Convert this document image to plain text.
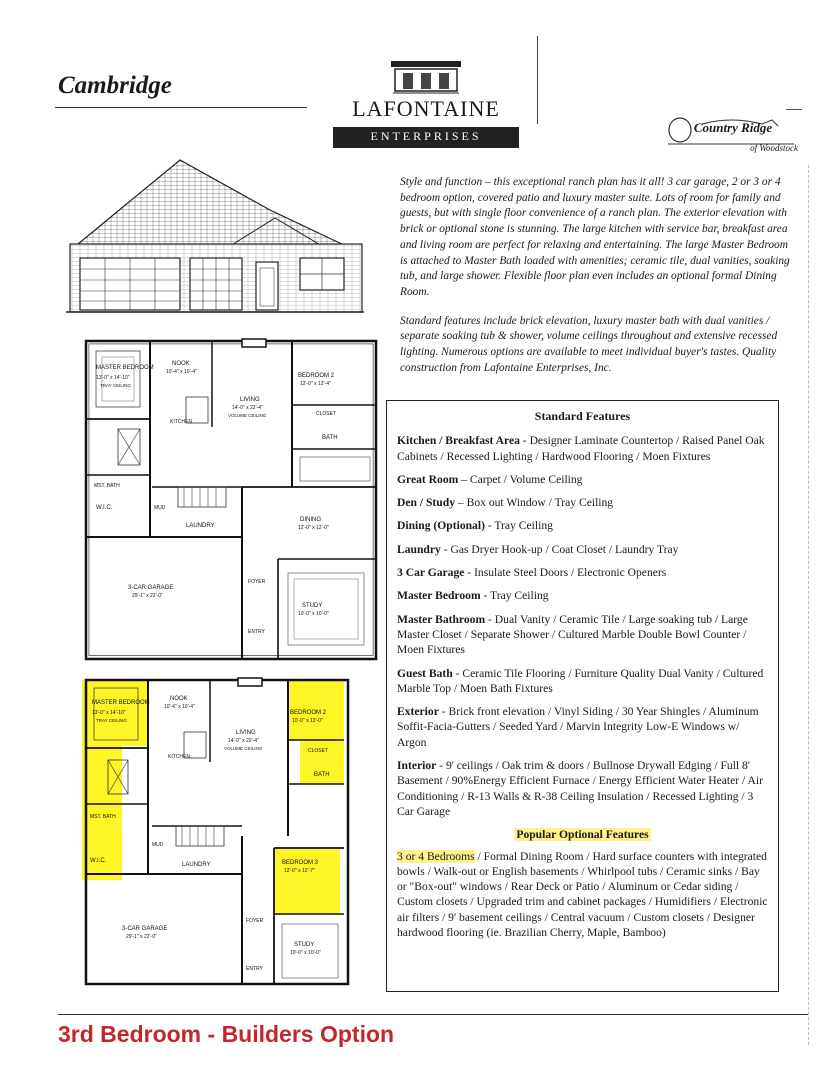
Cambridge
LAFONTAINE
ENTERPRISES
Country Ridge
of Woodstock

Style and function – this exceptional ranch plan has it all! 3 car garage, 2 or 3 or 4 bedroom option, covered patio and luxury master suite. Lots of room for family and guests, but with single floor convenience of a ranch plan. The exterior elevation with brick or optional stone is stunning. The large kitchen with service bar, breakfast area and living room are perfect for relaxing and entertaining. The large Master Bedroom is attached to Master Bath loaded with amenities; ceramic tile, dual vanities, soaking tub, and large shower. Flexible floor plan even includes an optional formal Dining Room.

Standard features include brick elevation, luxury master bath with dual vanities / separate soaking tub & shower, volume ceilings throughout and extensive recessed lighting. Numerous options are available to meet individual buyer's tastes. Quality construction from Lafontaine Enterprises, Inc.

MASTER BEDROOM
13'-0" x 14'-10"
TRAY CEILING
NOOK
10'-4" x 10'-4"
LIVING
14'-0" x 22'-4"
VOLUME CEILING
BEDROOM 2
12'-0" x 12'-4"
CLOSET
BATH
KITCHEN
MST. BATH
W.I.C.	MUD
LAUNDRY
DINING
12'-0" x 12'-0"
3-CAR GARAGE
29'-1" x 22'-0"
FOYER
STUDY
10'-0" x 10'-0"
ENTRY
MASTER BEDROOM
13'-0" x 14'-10"
TRAY CEILING
NOOK
10'-4" x 10'-4"
LIVING
14'-0" x 22'-4"
VOLUME CEILING
BEDROOM 2
10'-0" x 12'-0"
CLOSET
BATH
KITCHEN
MST. BATH
W.I.C.
MUD
LAUNDRY	BEDROOM 3
12'-0" x 12'-7"
3-CAR GARAGE
29'-1" x 22'-0"
FOYER
STUDY
10'-0" x 10'-0"
ENTRY
Standard Features
Kitchen / Breakfast Area - Designer Laminate Countertop / Raised Panel Oak Cabinets / Recessed Lighting / Hardwood Flooring / Moen Fixtures
Great Room – Carpet / Volume Ceiling
Den / Study – Box out Window / Tray Ceiling
Dining (Optional) - Tray Ceiling
Laundry - Gas Dryer Hook-up / Coat Closet / Laundry Tray
3 Car Garage - Insulate Steel Doors / Electronic Openers
Master Bedroom - Tray Ceiling
Master Bathroom - Dual Vanity / Ceramic Tile / Large soaking tub / Large Master Closet / Separate Shower / Cultured Marble Double Bowl Counter / Moen Fixtures
Guest Bath - Ceramic Tile Flooring / Furniture Quality Dual Vanity / Cultured Marble Top / Moen Bath Fixtures
Exterior - Brick front elevation / Vinyl Siding / 30 Year Shingles / Aluminum Soffit-Facia-Gutters / Seeded Yard / Marvin Integrity Low-E Windows w/ Argon
Interior - 9' ceilings / Oak trim & doors / Bullnose Drywall Edging / Full 8' Basement / 90%Energy Efficient Furnace / Energy Efficient Water Heater / Air Conditioning / R-13 Walls & R-38 Ceiling Insulation / Recessed Lighting / 3 Car Garage
Popular Optional Features
3 or 4 Bedrooms / Formal Dining Room / Hard surface counters with integrated bowls / Walk-out or English basements / Whirlpool tubs / Ceramic sinks / Bay or "Box-out" windows / Rear Deck or Patio / Aluminum or Cedar siding / Custom closets / Upgraded trim and cabinet packages / Humidifiers / Electronic air filters / 9' basement ceilings / Central vacuum / Custom closets / Designer hardwood flooring (ie. Brazilian Cherry, Maple, Bamboo)
3rd Bedroom - Builders Option
